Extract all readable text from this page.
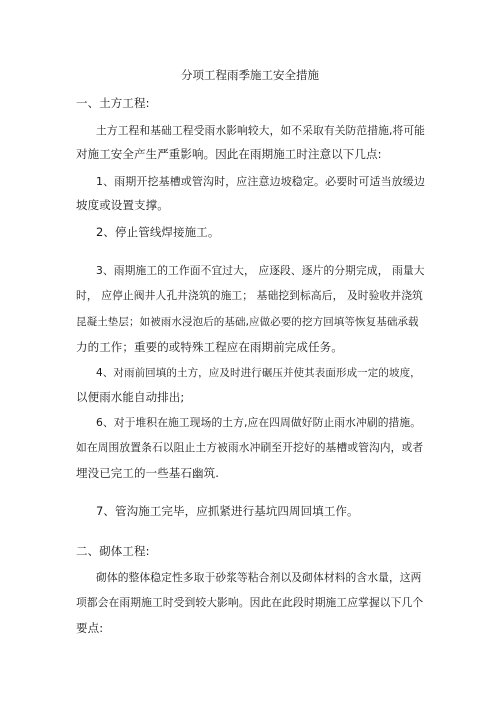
分项工程雨季施工安全措施
一、土方工程:
土方工程和基础工程受雨水影响较大，如不采取有关防范措施,将可能
对施工安全产生严重影响。因此在雨期施工时注意以下几点:
1、雨期开挖基槽或管沟时，应注意边坡稳定。必要时可适当放缓边
坡度或设置支撑。
2、停止管线焊接施工。
3、雨期施工的工作面不宜过大， 应逐段、逐片的分期完成， 雨量大
时， 应停止阀井人孔井浇筑的施工； 基础挖到标高后， 及时验收并浇筑
昆凝土垫层；如被雨水浸泡后的基础,应做必要的挖方回填等恢复基础承载
力的工作；重要的或特殊工程应在雨期前完成任务。
4、对雨前回填的土方，应及时进行碾压并使其表面形成一定的坡度，
以便雨水能自动排出;
6、对于堆积在施工现场的土方,应在四周做好防止雨水冲刷的措施。
如在周围放置条石以阻止土方被雨水冲刷至开挖好的基槽或管沟内，或者
埋没已完工的一些基石幽筑.
7、管沟施工完毕，应抓紧进行基坑四周回填工作。
二、砌体工程:
砌体的整体稳定性多取于砂浆等粘合剂以及砌体材料的含水量，这两
项都会在雨期施工时受到较大影响。因此在此段时期施工应掌握以下几个
要点:
